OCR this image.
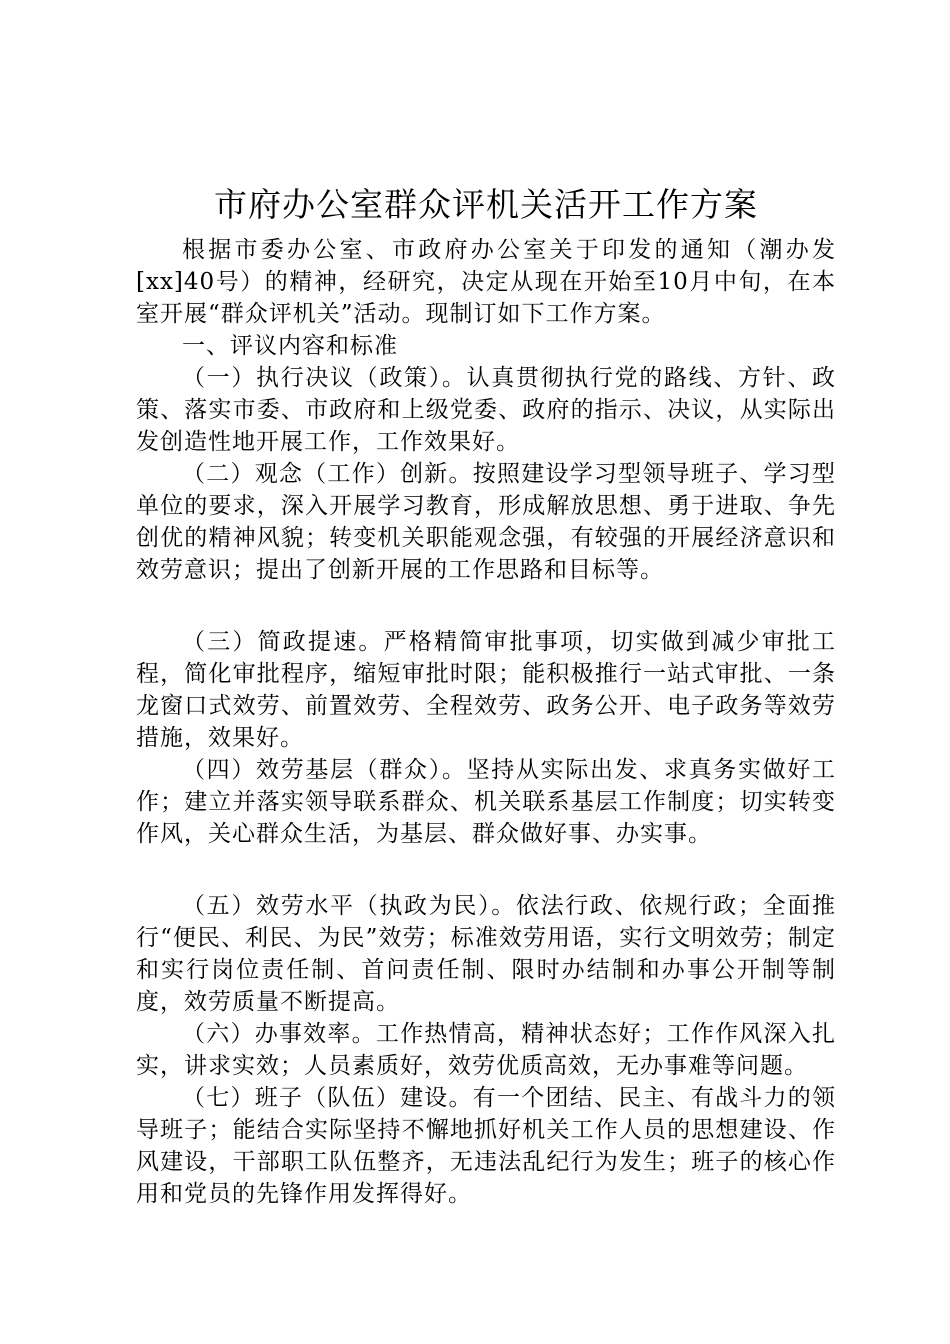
市府办公室群众评机关活开工作方案

根据市委办公室、市政府办公室关于印发的通知（潮办发[xx]40号）的精神，经研究，决定从现在开始至10月中旬，在本室开展“群众评机关”活动。现制订如下工作方案。

一、评议内容和标准

（一）执行决议（政策）。认真贯彻执行党的路线、方针、政策、落实市委、市政府和上级党委、政府的指示、决议，从实际出发创造性地开展工作，工作效果好。

（二）观念（工作）创新。按照建设学习型领导班子、学习型单位的要求，深入开展学习教育，形成解放思想、勇于进取、争先创优的精神风貌；转变机关职能观念强，有较强的开展经济意识和效劳意识；提出了创新开展的工作思路和目标等。

（三）简政提速。严格精简审批事项，切实做到减少审批工程，简化审批程序，缩短审批时限；能积极推行一站式审批、一条龙窗口式效劳、前置效劳、全程效劳、政务公开、电子政务等效劳措施，效果好。

（四）效劳基层（群众）。坚持从实际出发、求真务实做好工作；建立并落实领导联系群众、机关联系基层工作制度；切实转变作风，关心群众生活，为基层、群众做好事、办实事。

（五）效劳水平（执政为民）。依法行政、依规行政；全面推行“便民、利民、为民”效劳；标准效劳用语，实行文明效劳；制定和实行岗位责任制、首问责任制、限时办结制和办事公开制等制度，效劳质量不断提高。

（六）办事效率。工作热情高，精神状态好；工作作风深入扎实，讲求实效；人员素质好，效劳优质高效，无办事难等问题。

（七）班子（队伍）建设。有一个团结、民主、有战斗力的领导班子；能结合实际坚持不懈地抓好机关工作人员的思想建设、作风建设，干部职工队伍整齐，无违法乱纪行为发生；班子的核心作用和党员的先锋作用发挥得好。
